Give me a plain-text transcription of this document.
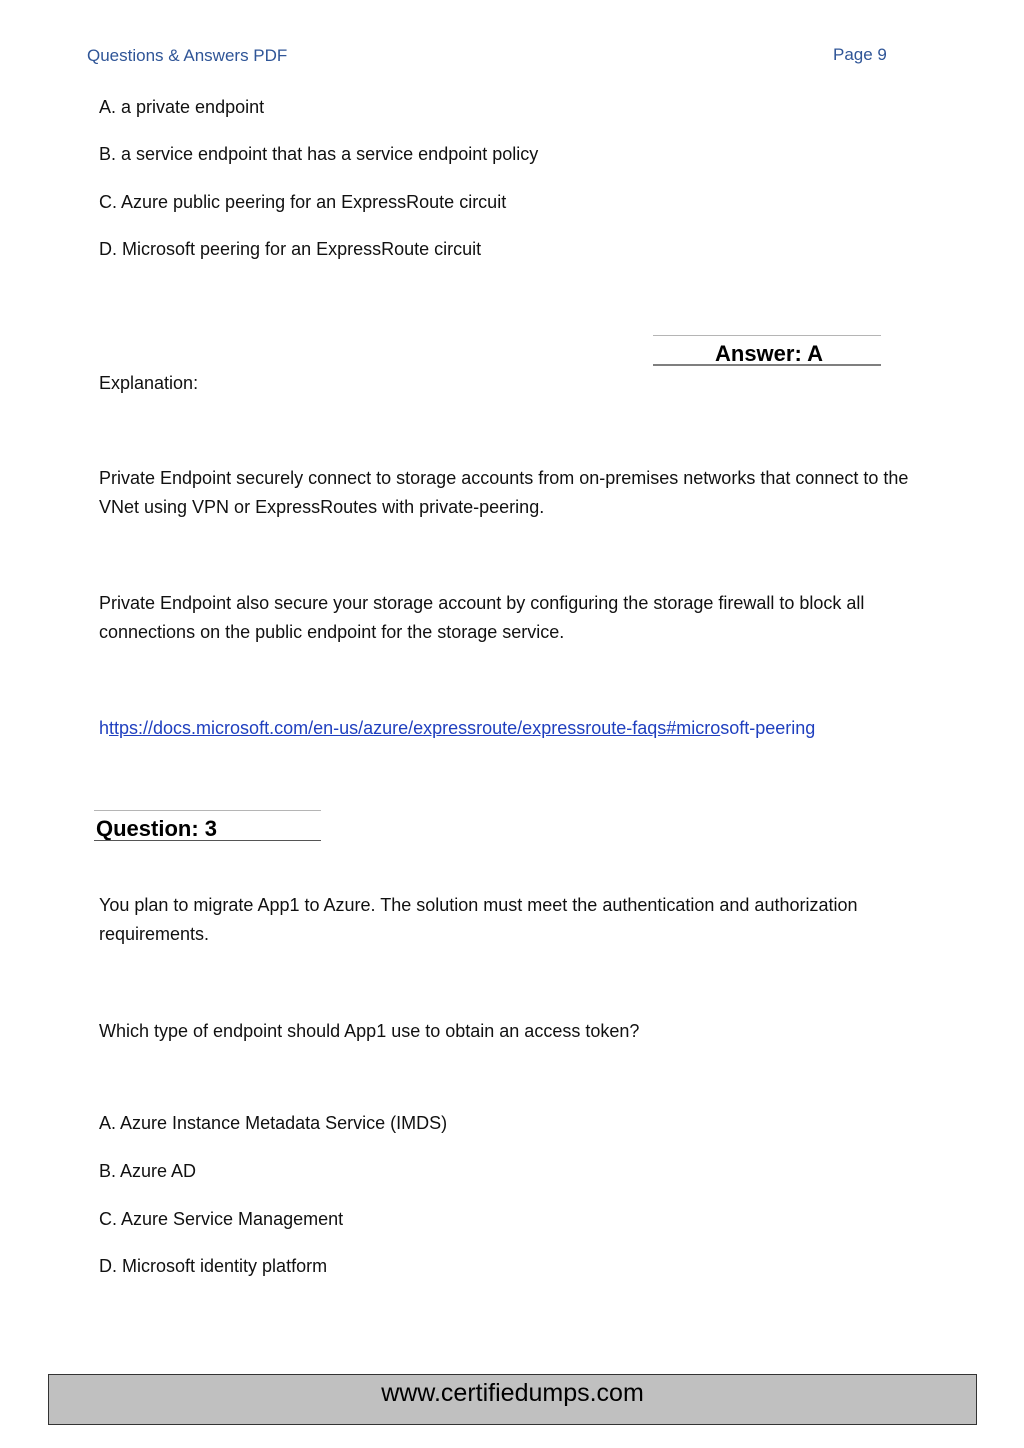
Questions & Answers PDF	Page 9
A. a private endpoint
B. a service endpoint that has a service endpoint policy
C. Azure public peering for an ExpressRoute circuit
D. Microsoft peering for an ExpressRoute circuit
Answer: A
Explanation:
Private Endpoint securely connect to storage accounts from on-premises networks that connect to the VNet using VPN or ExpressRoutes with private-peering.
Private Endpoint also secure your storage account by configuring the storage firewall to block all connections on the public endpoint for the storage service.
https://docs.microsoft.com/en-us/azure/expressroute/expressroute-faqs#microsoft-peering
Question: 3
You plan to migrate App1 to Azure. The solution must meet the authentication and authorization requirements.
Which type of endpoint should App1 use to obtain an access token?
A. Azure Instance Metadata Service (IMDS)
B. Azure AD
C. Azure Service Management
D. Microsoft identity platform
www.certifiedumps.com
